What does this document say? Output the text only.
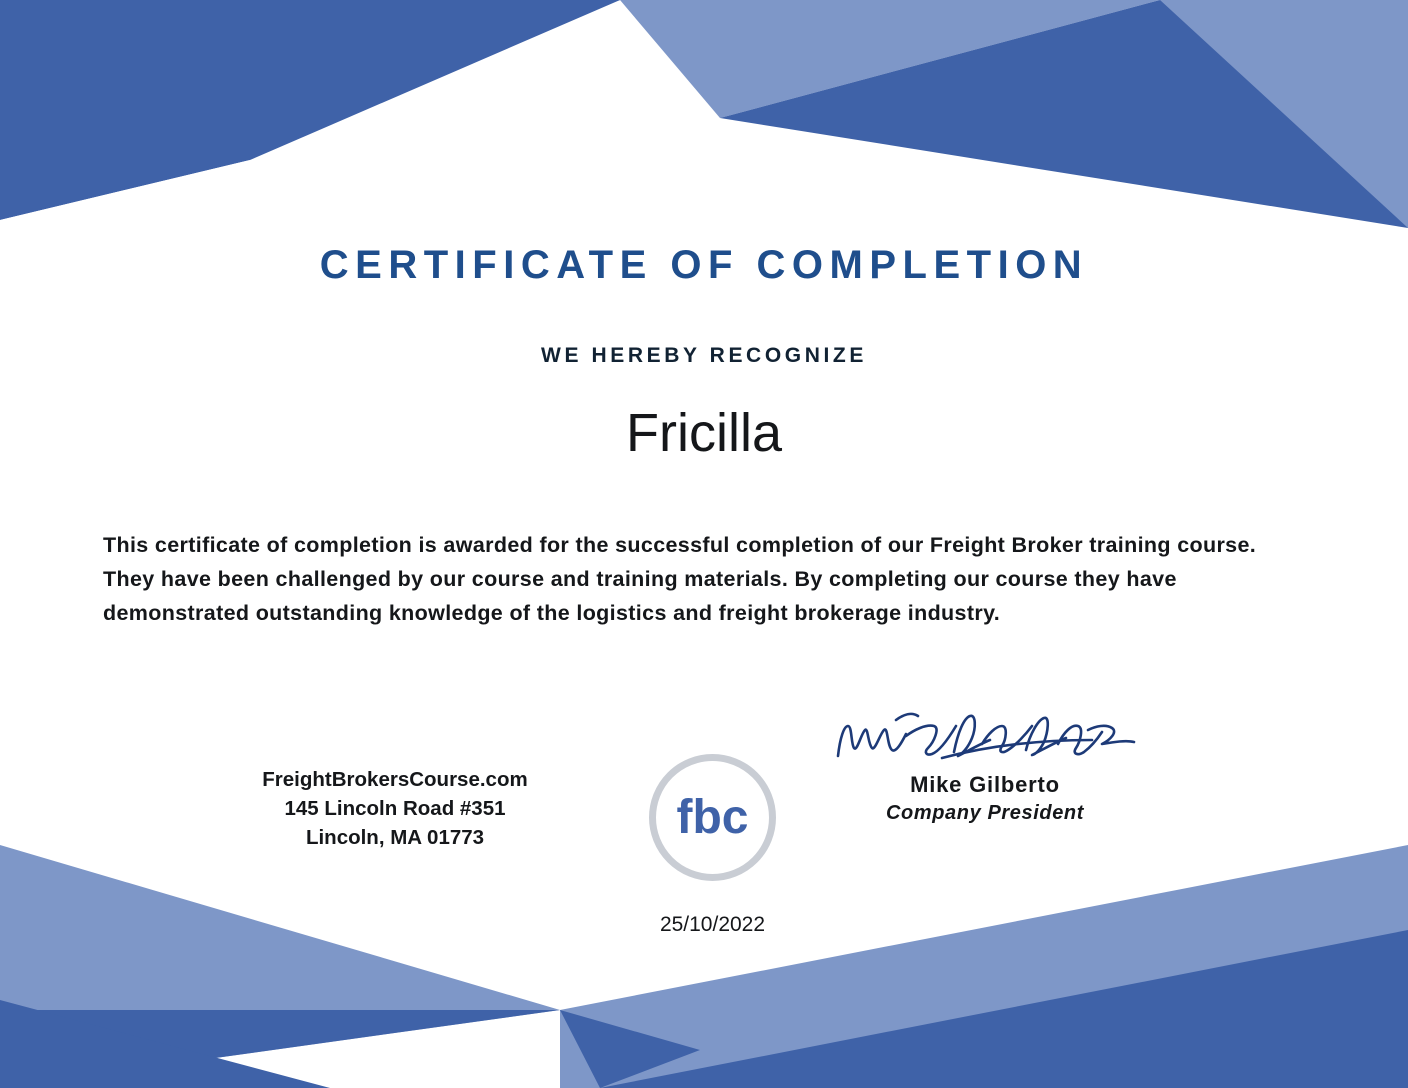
CERTIFICATE OF COMPLETION
WE HEREBY RECOGNIZE
Fricilla
This certificate of completion is awarded for the successful completion of our Freight Broker training course. They have been challenged by our course and training materials. By completing our course they have demonstrated outstanding knowledge of the logistics and freight brokerage industry.
FreightBrokersCourse.com
145 Lincoln Road #351
Lincoln, MA 01773	fbc
Mike Gilberto
Company President
25/10/2022
